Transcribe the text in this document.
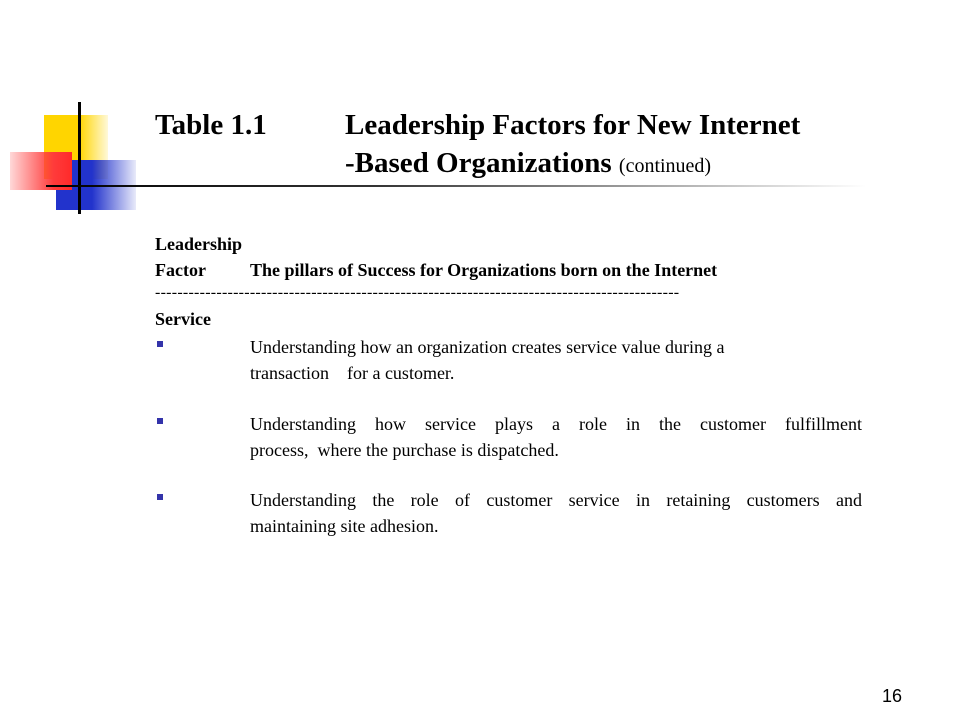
Table 1.1	Leadership Factors for New Internet
-Based Organizations (continued)
Leadership
Factor The pillars of Success for Organizations born on the Internet
----------------------------------------------------------------------------------------------
Service
Understanding how an organization creates service value during a
transaction    for a customer.
Understanding how service plays a role in the customer fulfillment
process,  where the purchase is dispatched.
Understanding the role of customer service in retaining customers and
maintaining site adhesion.
16
